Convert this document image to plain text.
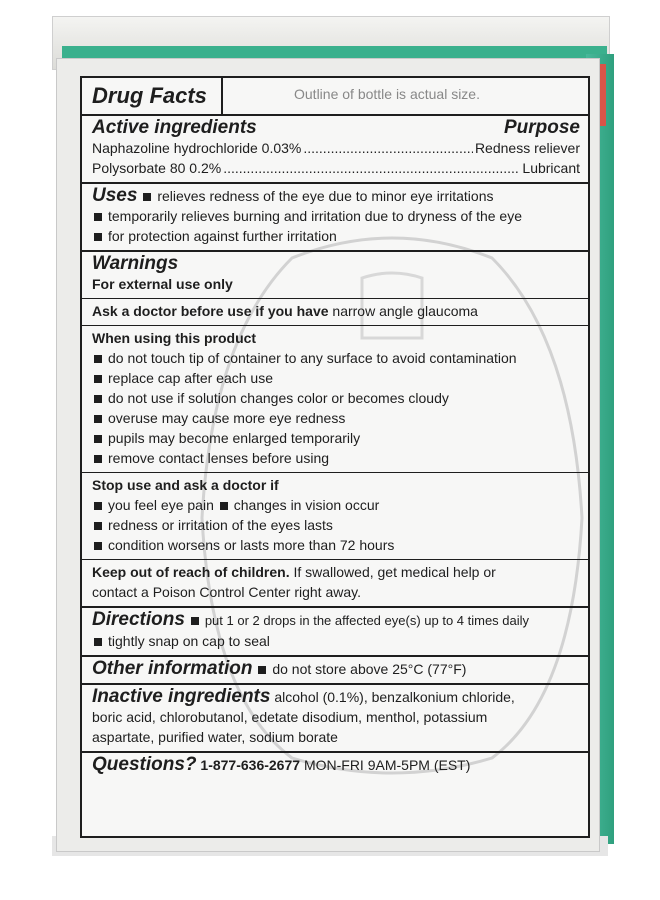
Drug Facts	Outline of bottle is actual size.
Active ingredients	Purpose
Naphazoline hydrochloride 0.03% .....	Redness reliever
Polysorbate 80 0.2% .....	Lubricant
Uses relieves redness of the eye due to minor eye irritations
temporarily relieves burning and irritation due to dryness of the eye
for protection against further irritation
Warnings
For external use only
Ask a doctor before use if you have narrow angle glaucoma
When using this product
do not touch tip of container to any surface to avoid contamination
replace cap after each use
do not use if solution changes color or becomes cloudy
overuse may cause more eye redness
pupils may become enlarged temporarily
remove contact lenses before using
Stop use and ask a doctor if
you feel eye pain changes in vision occur
redness or irritation of the eyes lasts
condition worsens or lasts more than 72 hours
Keep out of reach of children. If swallowed, get medical help or
contact a Poison Control Center right away.
Directions put 1 or 2 drops in the affected eye(s) up to 4 times daily
tightly snap on cap to seal
Other information do not store above 25°C (77°F)
Inactive ingredients alcohol (0.1%), benzalkonium chloride,
boric acid, chlorobutanol, edetate disodium, menthol, potassium
aspartate, purified water, sodium borate
Questions? 1-877-636-2677 MON-FRI 9AM-5PM (EST)
